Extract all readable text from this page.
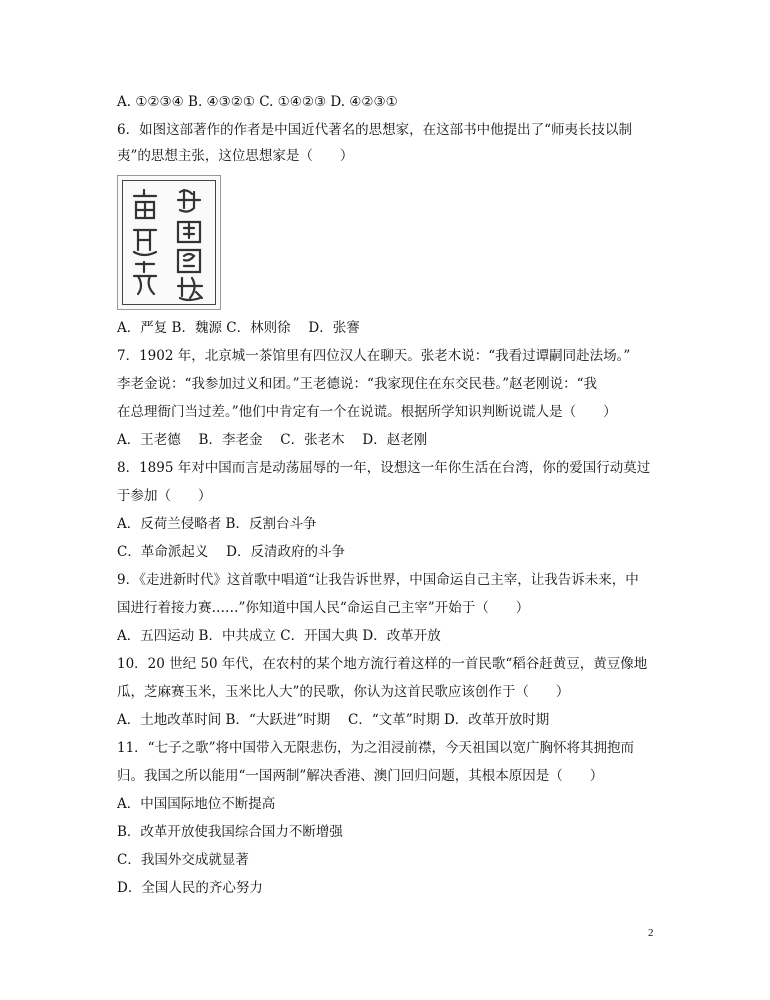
A. ①②③④ B. ④③②① C. ①④②③ D. ④②③①
6．如图这部著作的作者是中国近代著名的思想家，在这部书中他提出了“师夷长技以制
夷”的思想主张，这位思想家是（　　）
A．严复 B．魏源 C．林则徐　 D．张謇
7．1902 年，北京城一茶馆里有四位汉人在聊天。张老木说：“我看过谭嗣同赴法场。”
李老金说：“我参加过义和团。”王老德说：“我家现住在东交民巷。”赵老刚说：“我
在总理衙门当过差。”他们中肯定有一个在说谎。根据所学知识判断说谎人是（　　）
A．王老德　 B．李老金　 C．张老木　 D．赵老刚
8．1895 年对中国而言是动荡屈辱的一年，设想这一年你生活在台湾，你的爱国行动莫过
于参加（　　）
A．反荷兰侵略者 B．反割台斗争
C．革命派起义　 D．反清政府的斗争
9．《走进新时代》这首歌中唱道“让我告诉世界，中国命运自己主宰，让我告诉未来，中
国进行着接力赛……”你知道中国人民“命运自己主宰”开始于（　　）
A．五四运动 B．中共成立 C．开国大典 D．改革开放
10．20 世纪 50 年代，在农村的某个地方流行着这样的一首民歌“稻谷赶黄豆，黄豆像地
瓜，芝麻赛玉米，玉米比人大”的民歌，你认为这首民歌应该创作于（　　）
A．土地改革时间 B．“大跃进”时期　 C．“文革”时期 D．改革开放时期
11．“七子之歌”将中国带入无限悲伤，为之泪浸前襟，今天祖国以宽广胸怀将其拥抱而
归。我国之所以能用“一国两制”解决香港、澳门回归问题，其根本原因是（　　）
A．中国国际地位不断提高
B．改革开放使我国综合国力不断增强
C．我国外交成就显著
D．全国人民的齐心努力
2
